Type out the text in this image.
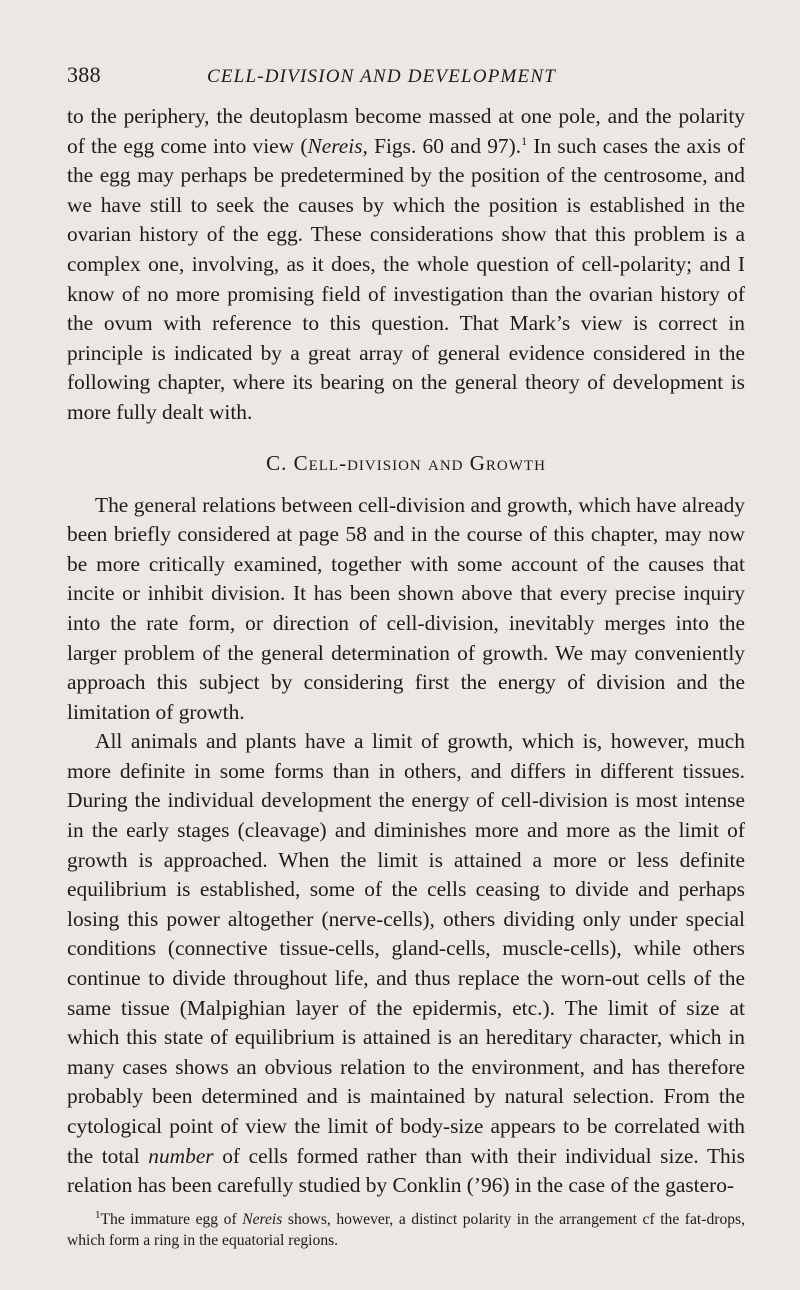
388	CELL-DIVISION AND DEVELOPMENT

to the periphery, the deutoplasm become massed at one pole, and the polarity of the egg come into view (Nereis, Figs. 60 and 97).$^1$ In such cases the axis of the egg may perhaps be predetermined by the position of the centrosome, and we have still to seek the causes by which the position is established in the ovarian history of the egg. These considerations show that this problem is a complex one, involving, as it does, the whole question of cell-polarity; and I know of no more promising field of investigation than the ovarian history of the ovum with reference to this question. That Mark’s view is correct in principle is indicated by a great array of general evidence considered in the following chapter, where its bearing on the general theory of development is more fully dealt with.

C. Cell-division and Growth

The general relations between cell-division and growth, which have already been briefly considered at page 58 and in the course of this chapter, may now be more critically examined, together with some account of the causes that incite or inhibit division. It has been shown above that every precise inquiry into the rate form, or direction of cell-division, inevitably merges into the larger problem of the general determination of growth. We may conveniently approach this subject by considering first the energy of division and the limitation of growth.

All animals and plants have a limit of growth, which is, however, much more definite in some forms than in others, and differs in different tissues. During the individual development the energy of cell-division is most intense in the early stages (cleavage) and diminishes more and more as the limit of growth is approached. When the limit is attained a more or less definite equilibrium is established, some of the cells ceasing to divide and perhaps losing this power altogether (nerve-cells), others dividing only under special conditions (connective tissue-cells, gland-cells, muscle-cells), while others continue to divide throughout life, and thus replace the worn-out cells of the same tissue (Malpighian layer of the epidermis, etc.). The limit of size at which this state of equilibrium is attained is an hereditary character, which in many cases shows an obvious relation to the environment, and has therefore probably been determined and is maintained by natural selection. From the cytological point of view the limit of body-size appears to be correlated with the total number of cells formed rather than with their individual size. This relation has been carefully studied by Conklin (’96) in the case of the gastero-

$^1$The immature egg of Nereis shows, however, a distinct polarity in the arrangement cf the fat-drops, which form a ring in the equatorial regions.
